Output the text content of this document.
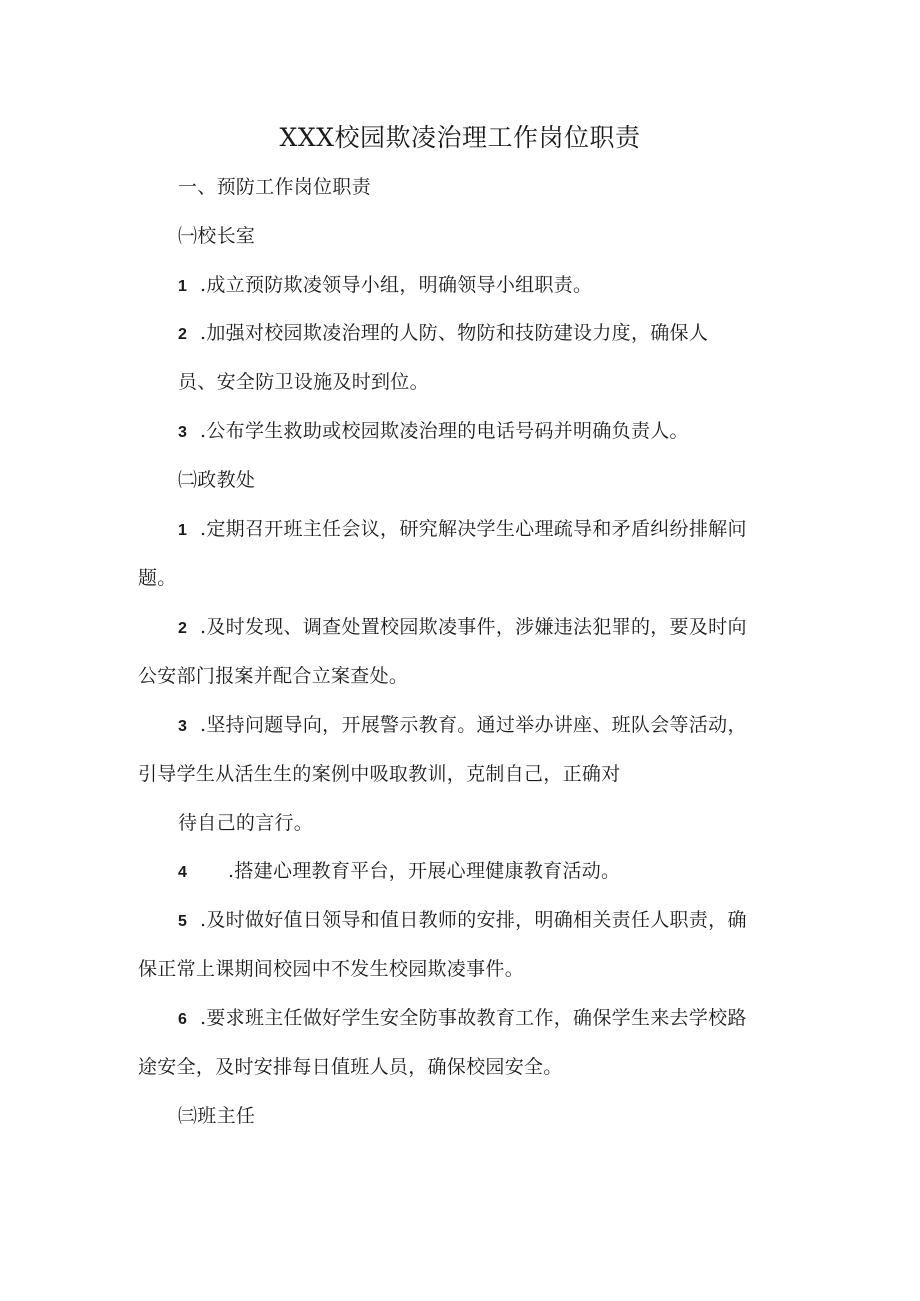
XXX校园欺凌治理工作岗位职责
一、预防工作岗位职责
㈠校长室
1 .成立预防欺凌领导小组，明确领导小组职责。
2 .加强对校园欺凌治理的人防、物防和技防建设力度，确保人
员、安全防卫设施及时到位。
3 .公布学生救助或校园欺凌治理的电话号码并明确负责人。
㈡政教处
1 .定期召开班主任会议，研究解决学生心理疏导和矛盾纠纷排解问
题。
2 .及时发现、调查处置校园欺凌事件，涉嫌违法犯罪的，要及时向
公安部门报案并配合立案查处。
3 .坚持问题导向，开展警示教育。通过举办讲座、班队会等活动，
引导学生从活生生的案例中吸取教训，克制自己，正确对
待自己的言行。
4 .搭建心理教育平台，开展心理健康教育活动。
5 .及时做好值日领导和值日教师的安排，明确相关责任人职责，确
保正常上课期间校园中不发生校园欺凌事件。
6 .要求班主任做好学生安全防事故教育工作，确保学生来去学校路
途安全，及时安排每日值班人员，确保校园安全。
㈢班主任
